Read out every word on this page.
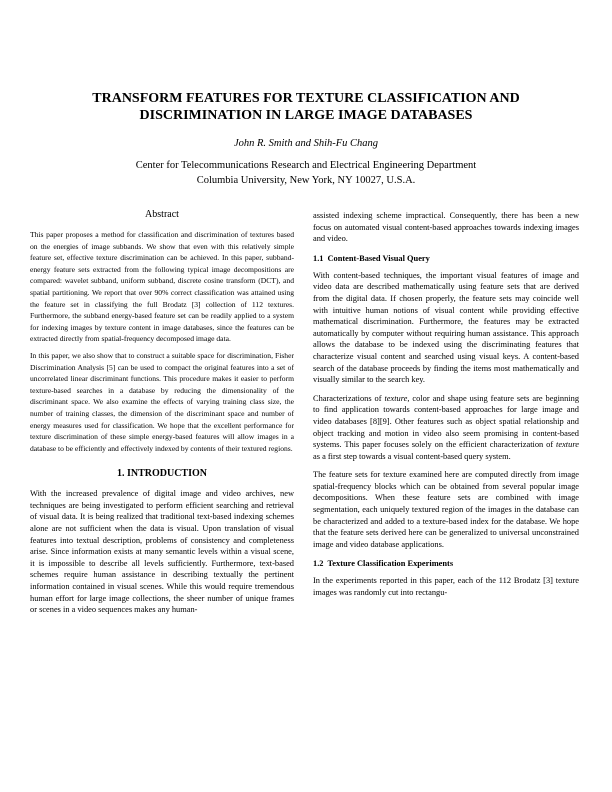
TRANSFORM FEATURES FOR TEXTURE CLASSIFICATION AND
DISCRIMINATION IN LARGE IMAGE DATABASES
John R. Smith and Shih-Fu Chang
Center for Telecommunications Research and Electrical Engineering Department
Columbia University, New York, NY 10027, U.S.A.
Abstract

This paper proposes a method for classification and discrimination of textures based on the energies of image subbands. We show that even with this relatively simple feature set, effective texture discrimination can be achieved. In this paper, subband-energy feature sets extracted from the following typical image decompositions are compared: wavelet subband, uniform subband, discrete cosine transform (DCT), and spatial partitioning. We report that over 90% correct classification was attained using the feature set in classifying the full Brodatz [3] collection of 112 textures. Furthermore, the subband energy-based feature set can be readily applied to a system for indexing images by texture content in image databases, since the features can be extracted directly from spatial-frequency decomposed image data.

In this paper, we also show that to construct a suitable space for discrimination, Fisher Discrimination Analysis [5] can be used to compact the original features into a set of uncorrelated linear discriminant functions. This procedure makes it easier to perform texture-based searches in a database by reducing the dimensionality of the discriminant space. We also examine the effects of varying training class size, the number of training classes, the dimension of the discriminant space and number of energy measures used for classification. We hope that the excellent performance for texture discrimination of these simple energy-based features will allow images in a database to be efficiently and effectively indexed by contents of their textured regions.

1. INTRODUCTION

With the increased prevalence of digital image and video archives, new techniques are being investigated to perform efficient searching and retrieval of visual data. It is being realized that traditional text-based indexing schemes alone are not sufficient when the data is visual. Upon translation of visual features into textual description, problems of consistency and completeness arise. Since information exists at many semantic levels within a visual scene, it is impossible to describe all levels sufficiently. Furthermore, text-based schemes require human assistance in describing textually the pertinent information contained in visual scenes. While this would require tremendous human effort for large image collections, the sheer number of unique frames or scenes in a video sequences makes any human-

assisted indexing scheme impractical. Consequently, there has been a new focus on automated visual content-based approaches towards indexing images and video.

1.1 Content-Based Visual Query

With content-based techniques, the important visual features of image and video data are described mathematically using feature sets that are derived from the digital data. If chosen properly, the feature sets may coincide well with intuitive human notions of visual content while providing effective mathematical discrimination. Furthermore, the features may be extracted automatically by computer without requiring human assistance. This approach allows the database to be indexed using the discriminating features that characterize visual content and searched using visual keys. A content-based search of the database proceeds by finding the items most mathematically and visually similar to the search key.

Characterizations of texture, color and shape using feature sets are beginning to find application towards content-based approaches for large image and video databases [8][9]. Other features such as object spatial relationship and object tracking and motion in video also seem promising in content-based systems. This paper focuses solely on the efficient characterization of texture as a first step towards a visual content-based query system.

The feature sets for texture examined here are computed directly from image spatial-frequency blocks which can be obtained from several popular image decompositions. When these feature sets are combined with image segmentation, each uniquely textured region of the images in the database can be characterized and added to a texture-based index for the database. We hope that the feature sets derived here can be generalized to universal unconstrained image and video database applications.

1.2 Texture Classification Experiments

In the experiments reported in this paper, each of the 112 Brodatz [3] texture images was randomly cut into rectangu-
